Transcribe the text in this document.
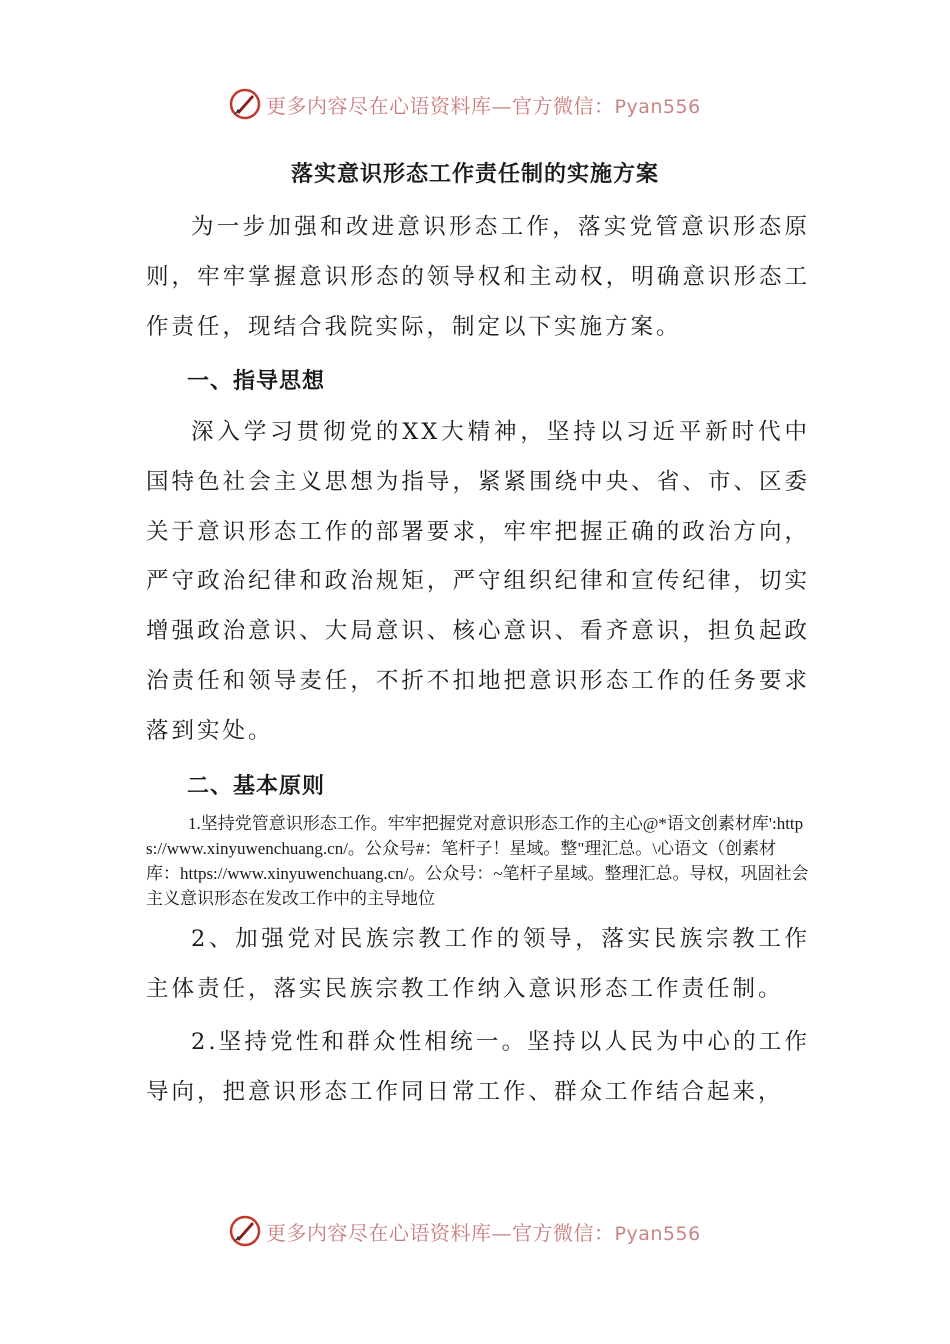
更多内容尽在心语资料库—官方微信：Pyan556
落实意识形态工作责任制的实施方案

为一步加强和改进意识形态工作，落实党管意识形态原则，牢牢掌握意识形态的领导权和主动权，明确意识形态工作责任，现结合我院实际，制定以下实施方案。

一、指导思想

深入学习贯彻党的XX大精神，坚持以习近平新时代中国特色社会主义思想为指导，紧紧围绕中央、省、市、区委关于意识形态工作的部署要求，牢牢把握正确的政治方向，严守政治纪律和政治规矩，严守组织纪律和宣传纪律，切实增强政治意识、大局意识、核心意识、看齐意识，担负起政治责任和领导麦任，不折不扣地把意识形态工作的任务要求落到实处。

二、基本原则

1.坚持党管意识形态工作。牢牢把握党对意识形态工作的主心@*语文创素材库':https://www.xinyuwenchuang.cn/。公众号#：笔杆子！星域。整"理汇总。\心语文（创素材库：https://www.xinyuwenchuang.cn/。公众号：~笔杆子星域。整理汇总。导权，巩固社会主义意识形态在发改工作中的主导地位

2、加强党对民族宗教工作的领导，落实民族宗教工作主体责任，落实民族宗教工作纳入意识形态工作责任制。

2.坚持党性和群众性相统一。坚持以人民为中心的工作导向，把意识形态工作同日常工作、群众工作结合起来，

更多内容尽在心语资料库—官方微信：Pyan556
